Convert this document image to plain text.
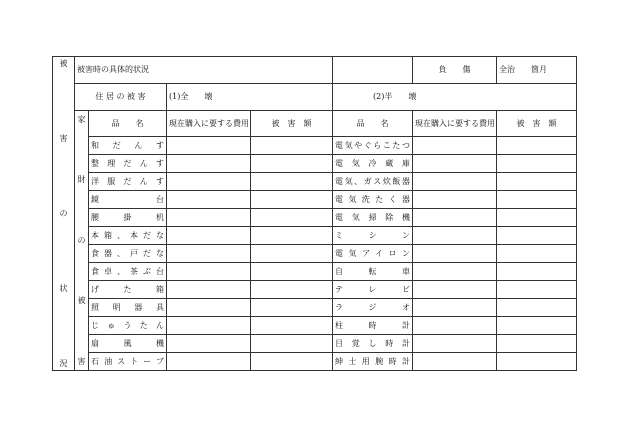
被
害
の
状
況	被害時の具体的状況					負　　傷	全治　　箇月
	住 居 の 被 害		(1)全　　壊		(2)半　　壊		

	家
財
の
被
害	品　　名	現在購入に要する費用	被　害　額	品　　名	現在購入に要する費用	被　害　額
		和 だ ん す			電気やぐらこたつ		
		整 理 だ ん す			電 気 冷 蔵 庫		
		洋 服 だ ん す			電気、ガス炊飯器		
		鏡台			電気洗たく器		
		腰掛机			電 気 掃 除 機		
		本箱、本だな			ミシン		
		食器、戸だな			電気アイロン		
		食卓、茶ぶ台			自転車		
		げ た 箱			テレビ		
		照 明 器 具			ラジオ		
		じゅうたん			柱時計		
		扇風機			目 覚 し 時 計		
		石油ストーブ			紳士用腕時計		
